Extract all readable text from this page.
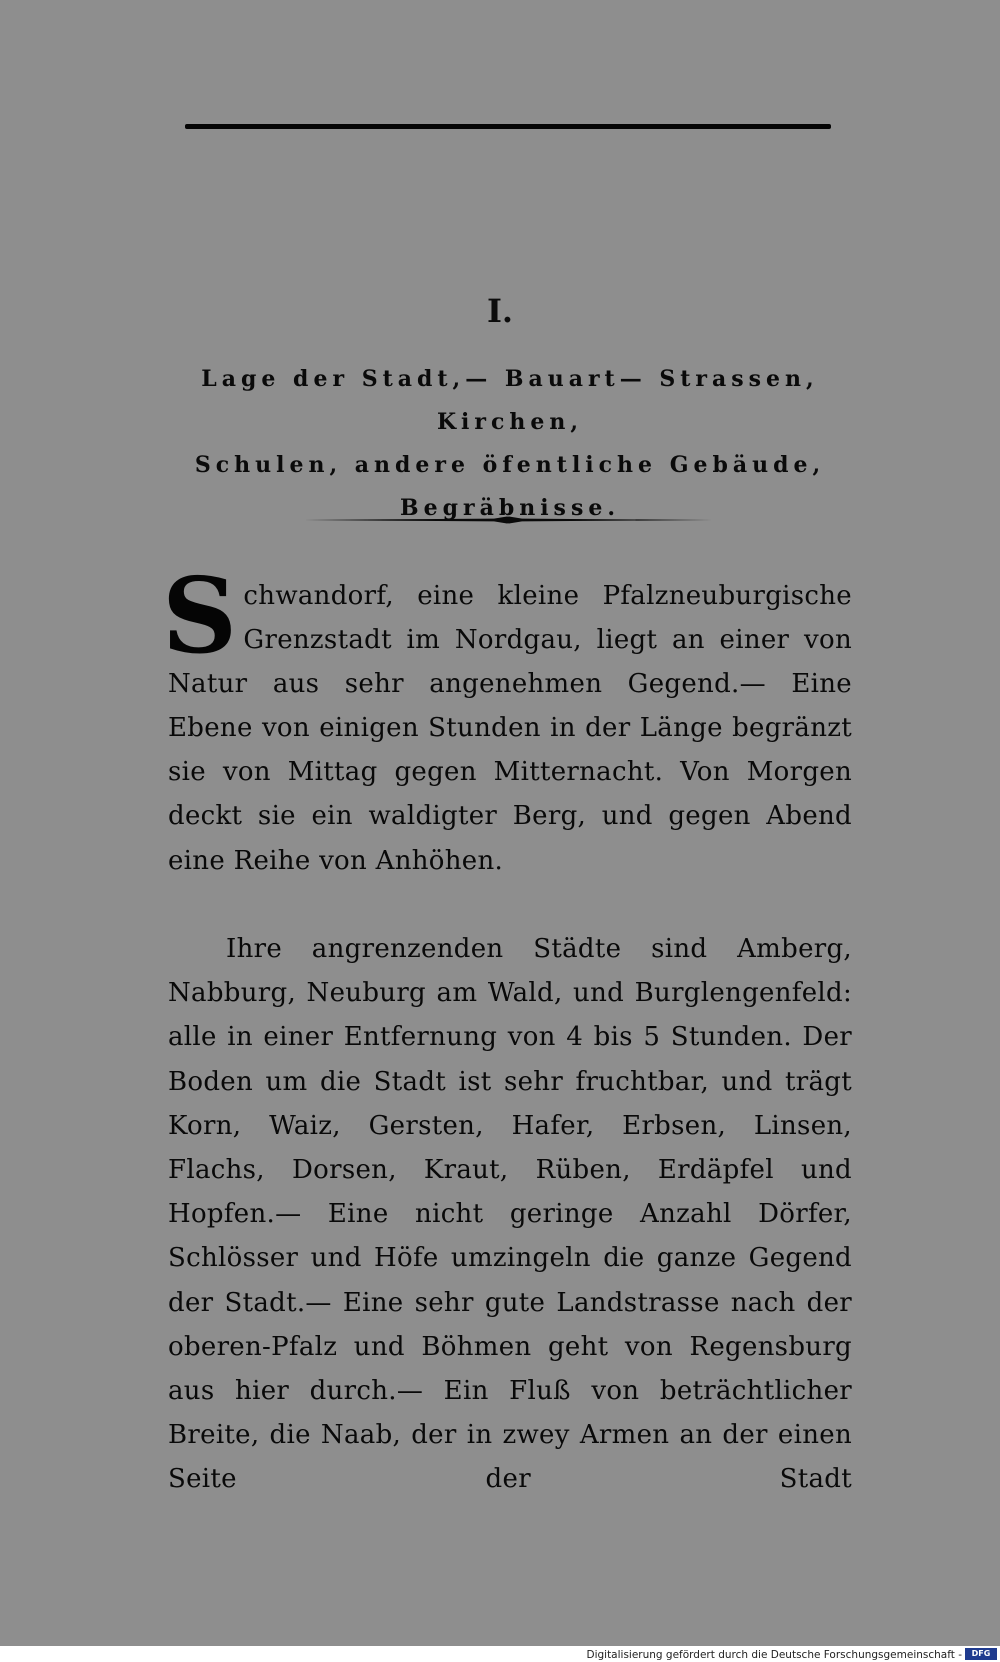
I.
Lage der Stadt,— Bauart— Strassen, Kirchen,
Schulen, andere öfentliche Gebäude,
Begräbnisse.

S chwandorf, eine kleine Pfalzneuburgische Grenzstadt im Nordgau, liegt an einer von Natur aus sehr angenehmen Gegend.— Eine Ebene von einigen Stunden in der Länge begränzt sie von Mittag gegen Mitternacht. Von Morgen deckt sie ein waldigter Berg, und gegen Abend eine Reihe von Anhöhen.

Ihre angrenzenden Städte sind Amberg, Nabburg, Neuburg am Wald, und Burglengenfeld: alle in einer Entfernung von 4 bis 5 Stunden. Der Boden um die Stadt ist sehr fruchtbar, und trägt Korn, Waiz, Gersten, Hafer, Erbsen, Linsen, Flachs, Dorsen, Kraut, Rüben, Erdäpfel und Hopfen.— Eine nicht geringe Anzahl Dörfer, Schlösser und Höfe umzingeln die ganze Gegend der Stadt.— Eine sehr gute Landstrasse nach der oberen-Pfalz und Böhmen geht von Regensburg aus hier durch.— Ein Fluß von beträchtlicher Breite, die Naab, der in zwey Armen an der einen Seite der Stadt

Digitalisierung gefördert durch die Deutsche Forschungsgemeinschaft -	DFG
